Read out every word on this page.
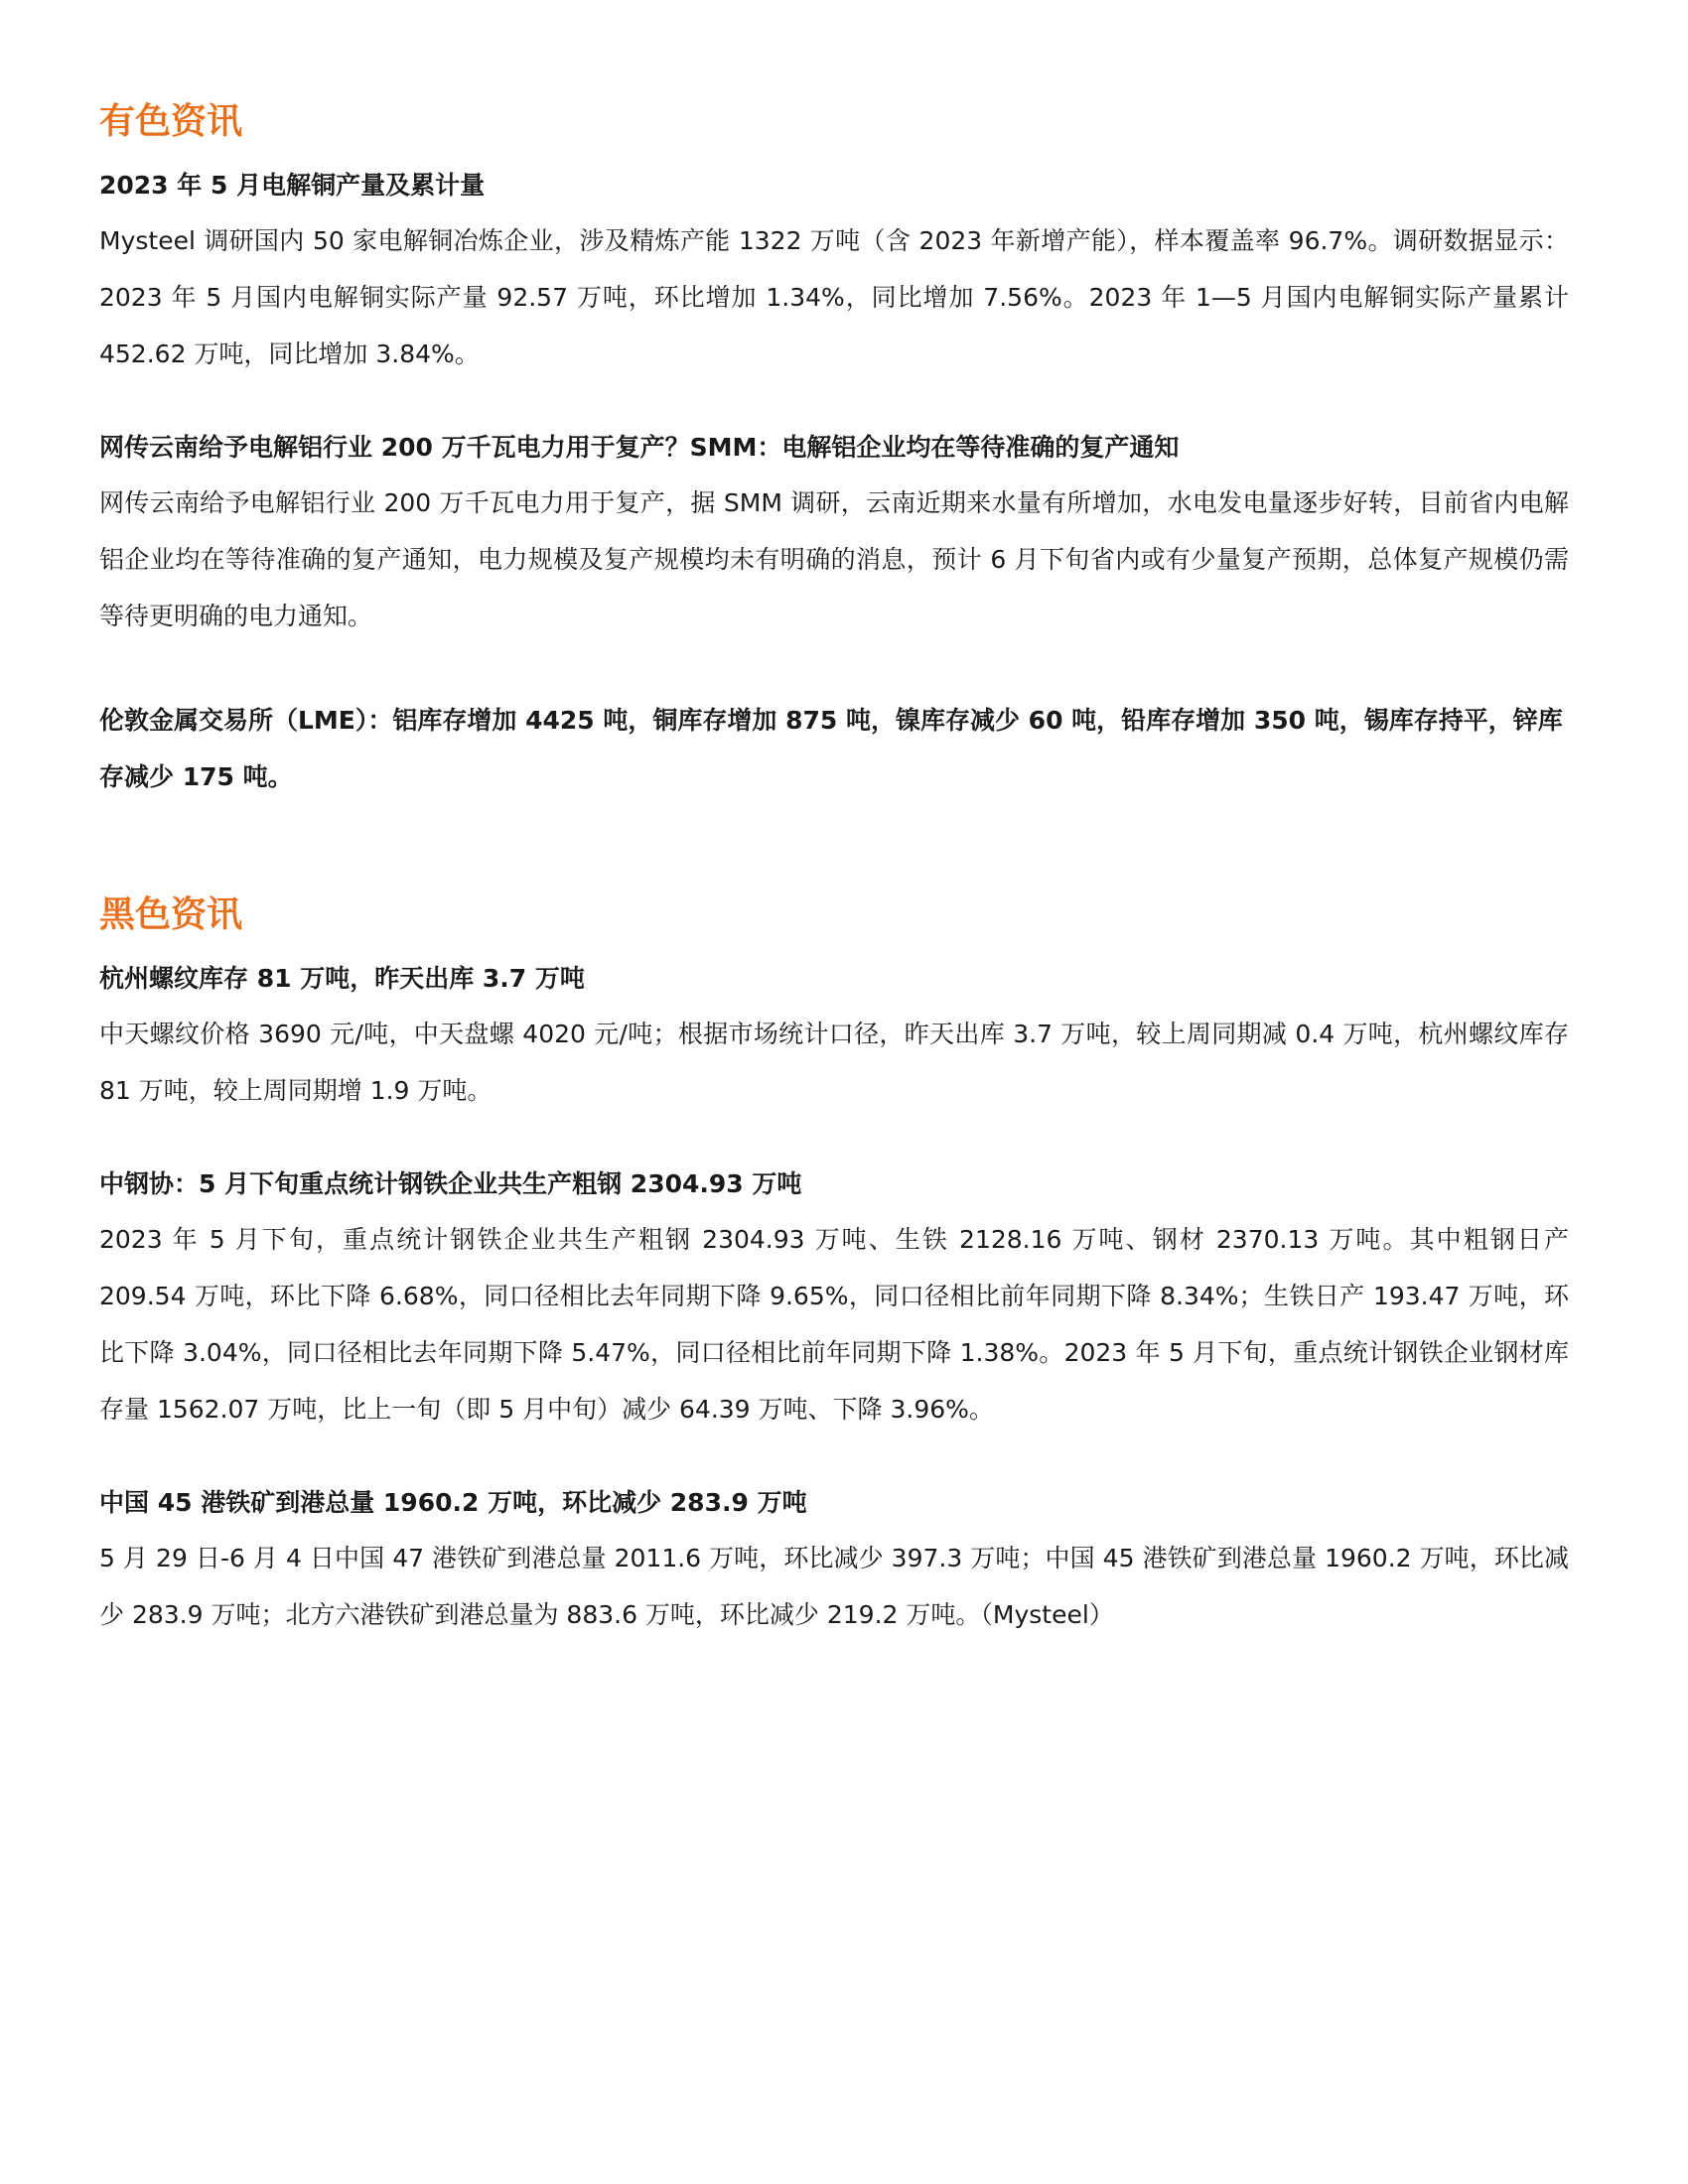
有色资讯
2023 年 5 月电解铜产量及累计量

Mysteel 调研国内 50 家电解铜冶炼企业，涉及精炼产能 1322 万吨（含 2023 年新增产能），样本覆盖率 96.7%。调研数据显示：2023 年 5 月国内电解铜实际产量 92.57 万吨，环比增加 1.34%，同比增加 7.56%。2023 年 1—5 月国内电解铜实际产量累计 452.62 万吨，同比增加 3.84%。

网传云南给予电解铝行业 200 万千瓦电力用于复产？SMM：电解铝企业均在等待准确的复产通知

网传云南给予电解铝行业 200 万千瓦电力用于复产，据 SMM 调研，云南近期来水量有所增加，水电发电量逐步好转，目前省内电解铝企业均在等待准确的复产通知，电力规模及复产规模均未有明确的消息，预计 6 月下旬省内或有少量复产预期，总体复产规模仍需等待更明确的电力通知。

伦敦金属交易所（LME）：铝库存增加 4425 吨，铜库存增加 875 吨，镍库存减少 60 吨，铅库存增加 350 吨，锡库存持平，锌库存减少 175 吨。
黑色资讯
杭州螺纹库存 81 万吨，昨天出库 3.7 万吨

中天螺纹价格 3690 元/吨，中天盘螺 4020 元/吨；根据市场统计口径，昨天出库 3.7 万吨，较上周同期减 0.4 万吨，杭州螺纹库存 81 万吨，较上周同期增 1.9 万吨。

中钢协：5 月下旬重点统计钢铁企业共生产粗钢 2304.93 万吨

2023 年 5 月下旬，重点统计钢铁企业共生产粗钢 2304.93 万吨、生铁 2128.16 万吨、钢材 2370.13 万吨。其中粗钢日产 209.54 万吨，环比下降 6.68%，同口径相比去年同期下降 9.65%，同口径相比前年同期下降 8.34%；生铁日产 193.47 万吨，环比下降 3.04%，同口径相比去年同期下降 5.47%，同口径相比前年同期下降 1.38%。2023 年 5 月下旬，重点统计钢铁企业钢材库存量 1562.07 万吨，比上一旬（即 5 月中旬）减少 64.39 万吨、下降 3.96%。

中国 45 港铁矿到港总量 1960.2 万吨，环比减少 283.9 万吨

5 月 29 日-6 月 4 日中国 47 港铁矿到港总量 2011.6 万吨，环比减少 397.3 万吨；中国 45 港铁矿到港总量 1960.2 万吨，环比减少 283.9 万吨；北方六港铁矿到港总量为 883.6 万吨，环比减少 219.2 万吨。（Mysteel）
